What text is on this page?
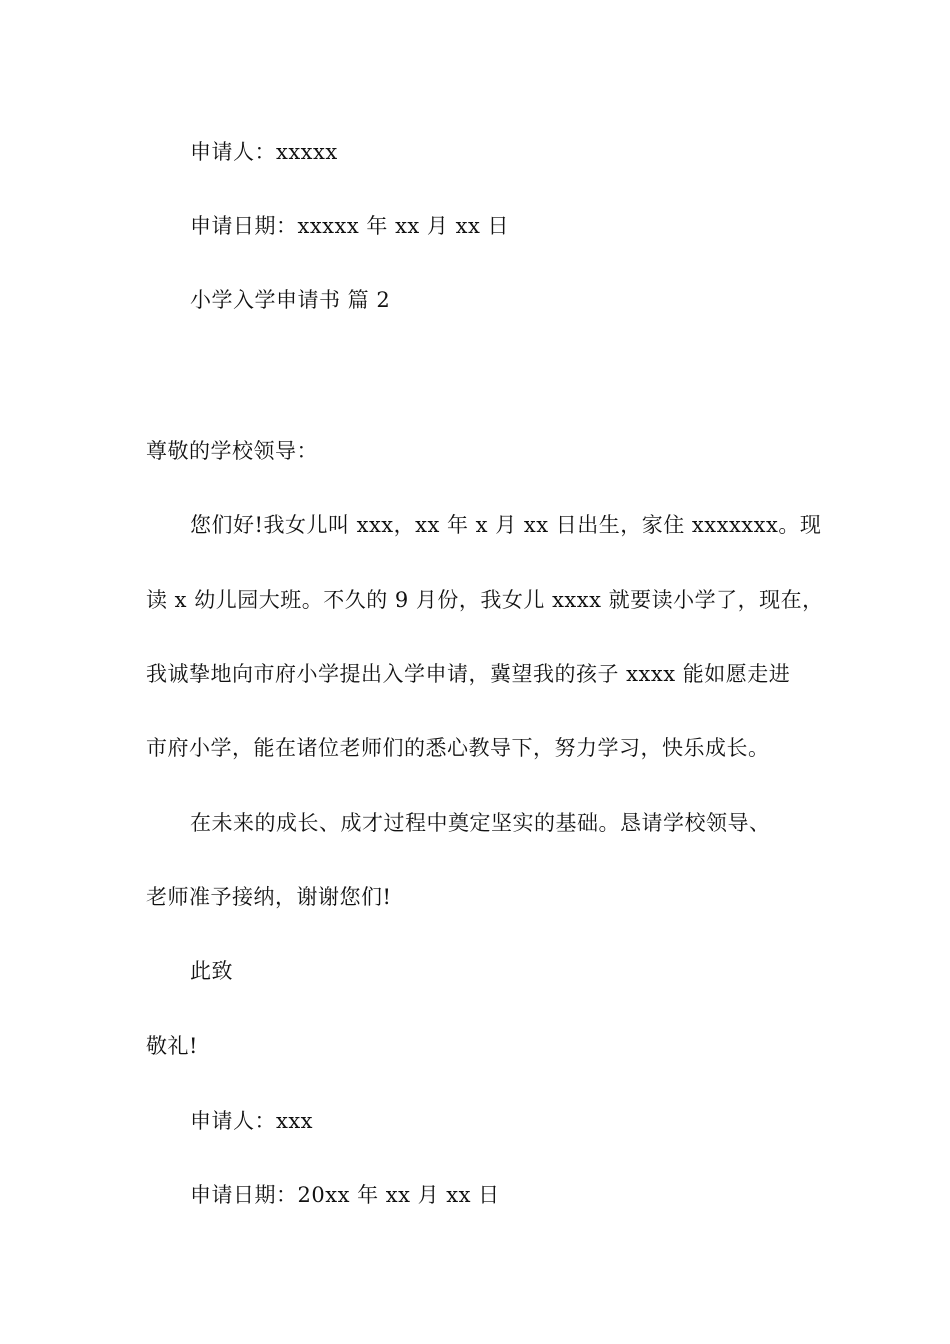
申请人：xxxxx
申请日期：xxxxx 年 xx 月 xx 日
小学入学申请书 篇 2
尊敬的学校领导：
您们好!我女儿叫 xxx，xx 年 x 月 xx 日出生，家住 xxxxxxx。现
读 x 幼儿园大班。不久的 9 月份，我女儿 xxxx 就要读小学了，现在，
我诚挚地向市府小学提出入学申请，冀望我的孩子 xxxx 能如愿走进
市府小学，能在诸位老师们的悉心教导下，努力学习，快乐成长。
在未来的成长、成才过程中奠定坚实的基础。恳请学校领导、
老师准予接纳，谢谢您们!
此致
敬礼!
申请人：xxx
申请日期：20xx 年 xx 月 xx 日
